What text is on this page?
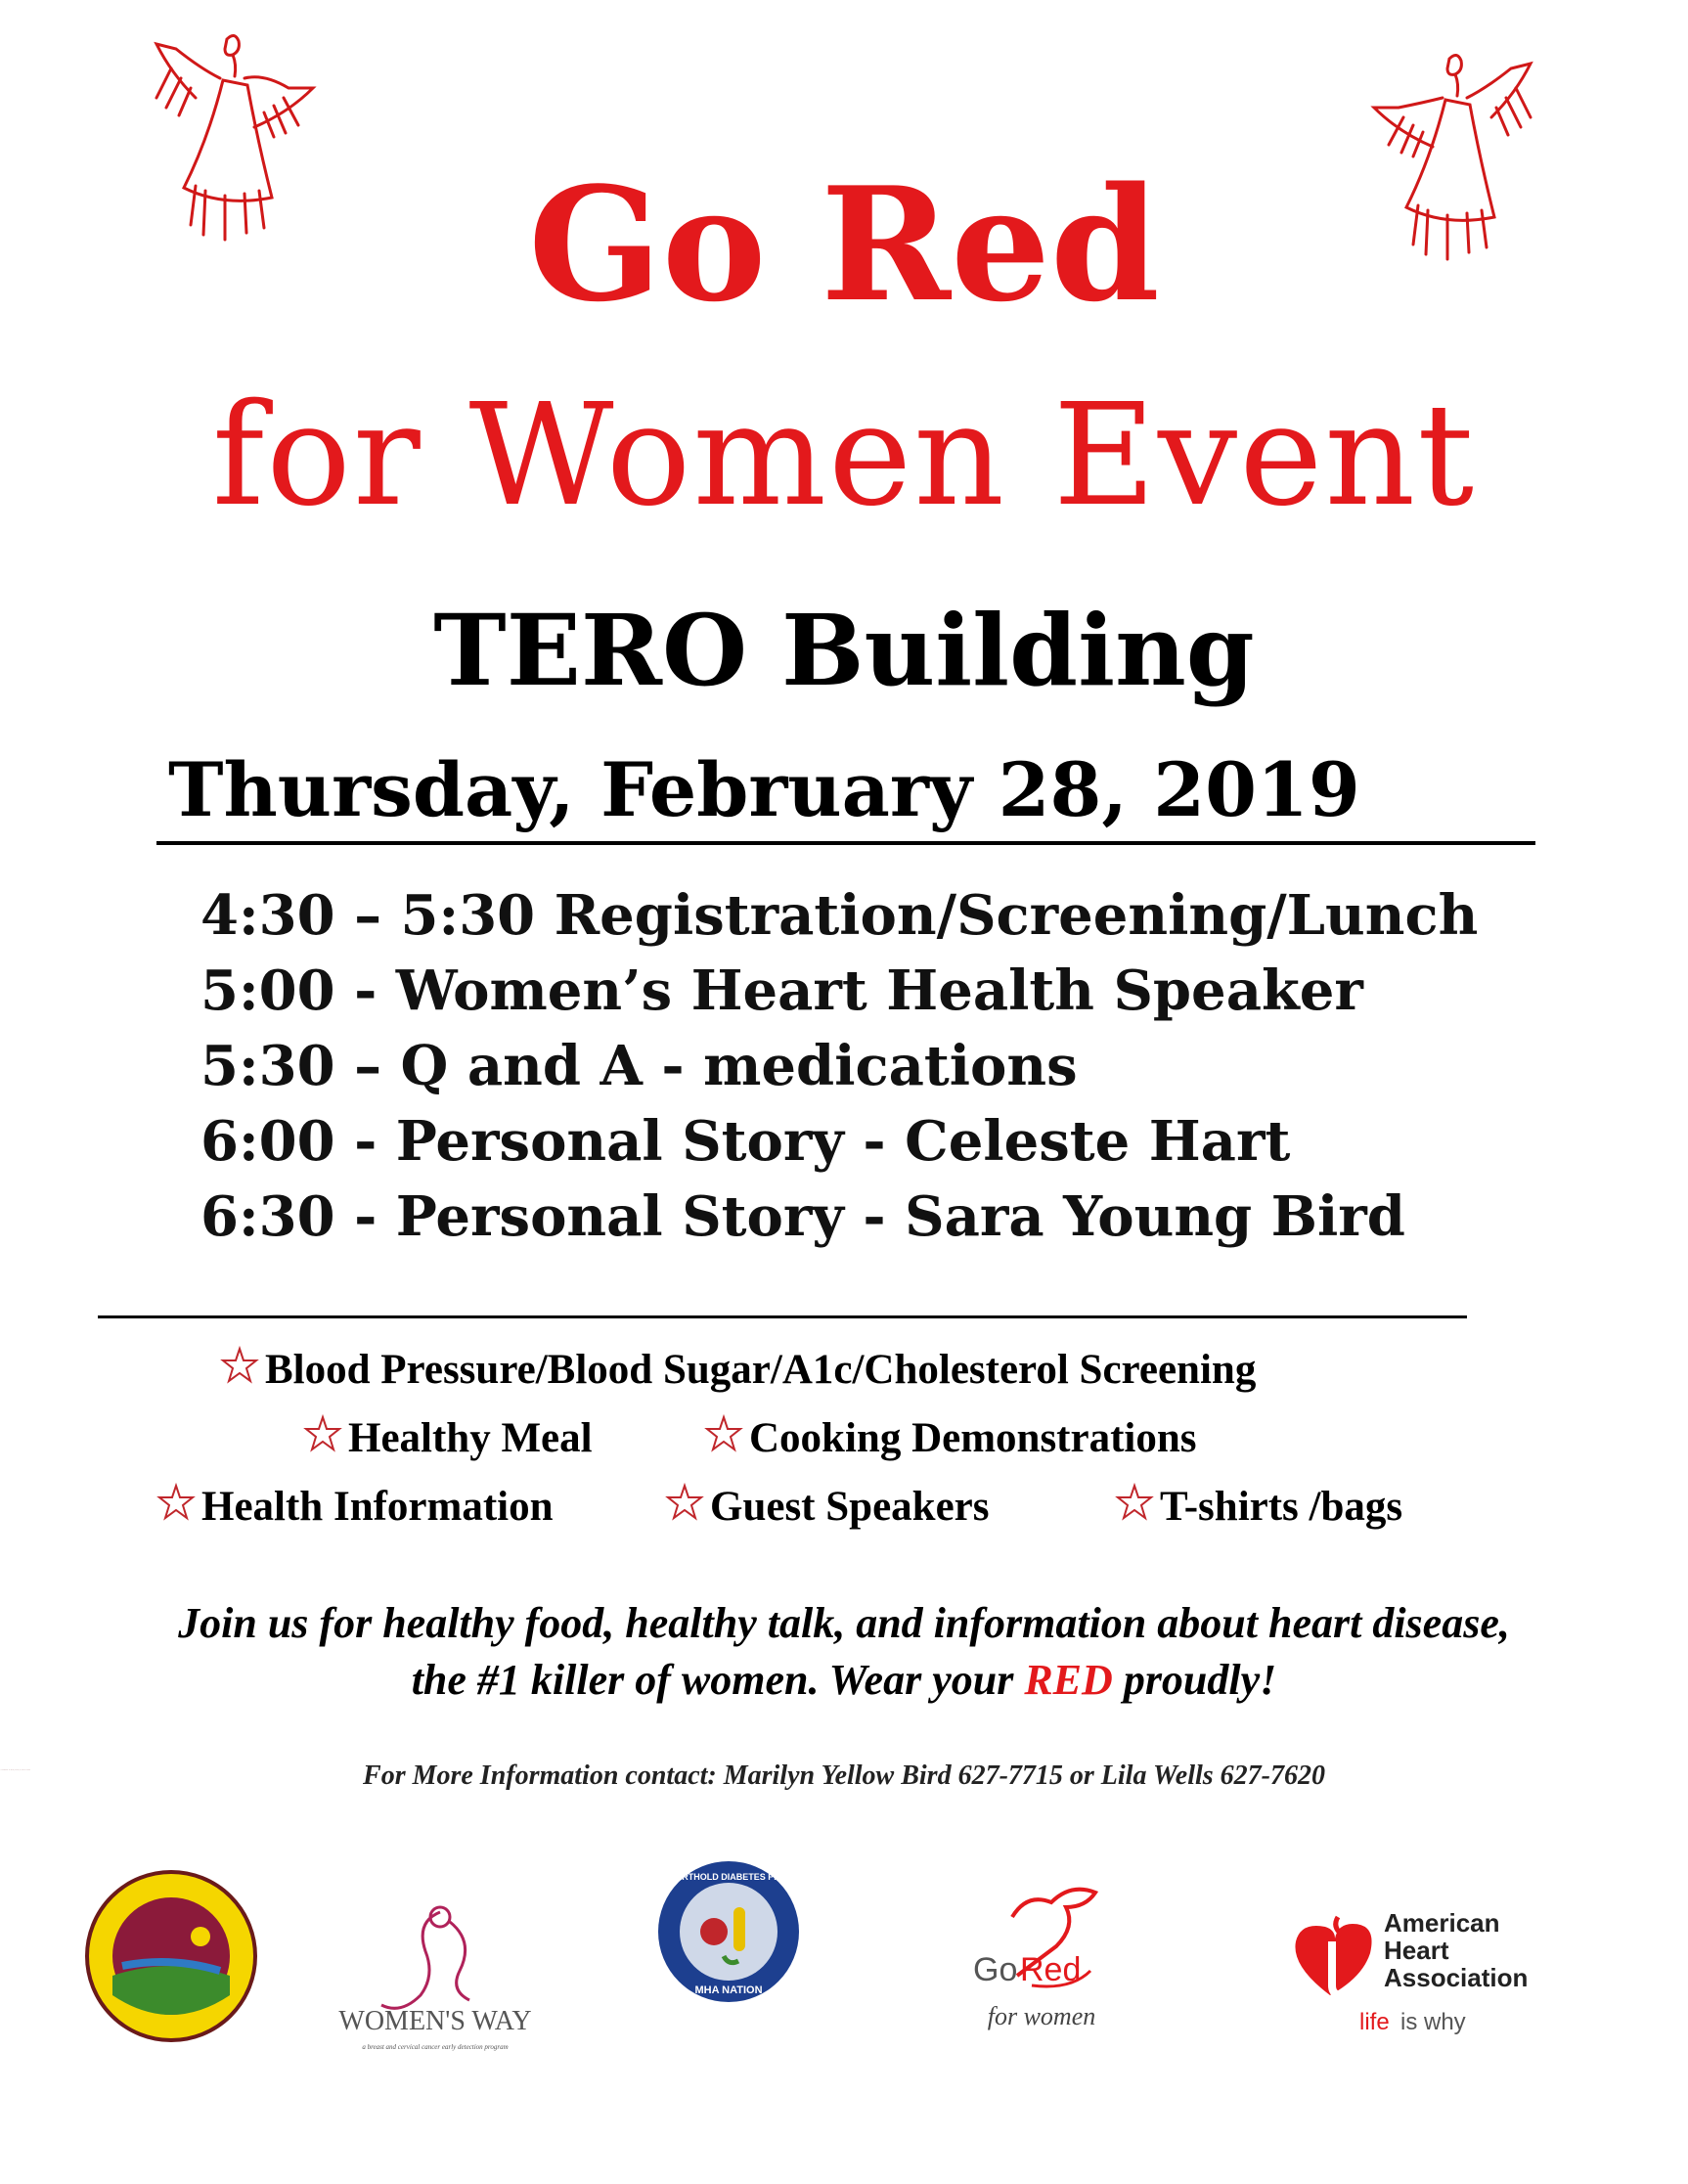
Go Red
for Women Event
TERO Building
Thursday, February 28, 2019
4:30 – 5:30 Registration/Screening/Lunch
5:00 - Women’s Heart Health Speaker
5:30 – Q and A - medications
6:00 - Personal Story - Celeste Hart
6:30 - Personal Story - Sara Young Bird
Blood Pressure/Blood Sugar/A1c/Cholesterol Screening
Healthy Meal	Cooking Demonstrations
Health Information	Guest Speakers	T-shirts /bags
Join us for healthy food, healthy talk, and information about heart disease,
the #1 killer of women. Wear your RED proudly!
For More Information contact: Marilyn Yellow Bird 627-7715 or Lila Wells 627-7620
EALTH CENTER · MANDAN, HIDATSA, & ARIKARA NATION
WOMEN'S WAY
a breast and cervical cancer early detection program
FORT BERTHOLD DIABETES PROGRAM
MHA NATION
Go Red
for women
American
Heart
Association
life is why
